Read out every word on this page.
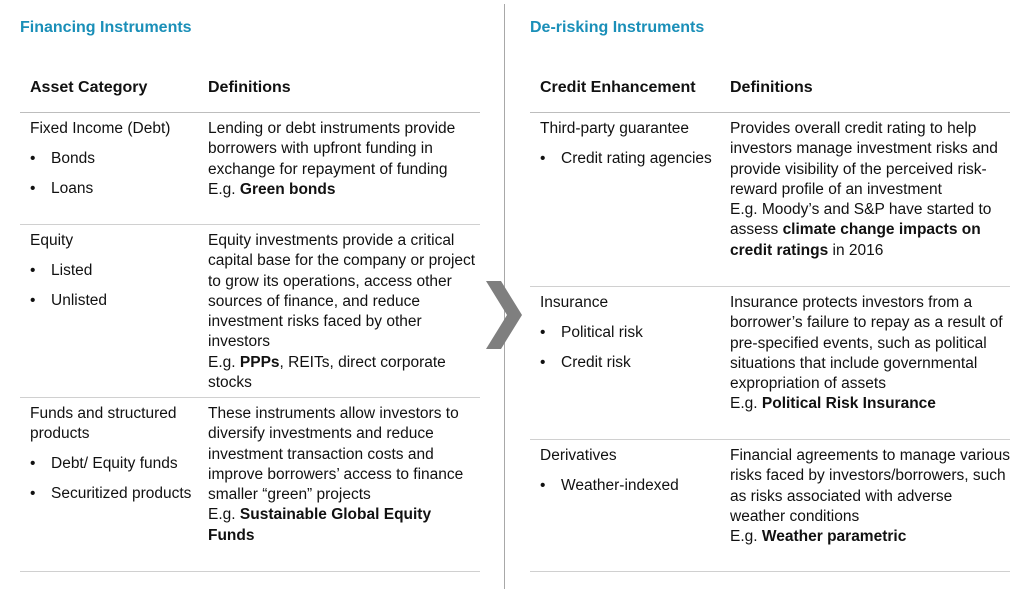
Financing Instruments
Asset Category	Definitions
Fixed Income (Debt)
• Bonds
• Loans
Lending or debt instruments provide borrowers with upfront funding in exchange for repayment of funding
E.g. Green bonds
Equity
• Listed
• Unlisted
Equity investments provide a critical capital base for the company or project to grow its operations, access other sources of finance, and reduce investment risks faced by other investors
E.g. PPPs, REITs, direct corporate stocks
Funds and structured products
• Debt/ Equity funds
• Securitized products
These instruments allow investors to diversify investments and reduce investment transaction costs and improve borrowers’ access to finance smaller “green” projects
E.g. Sustainable Global Equity Funds
De-risking Instruments
Credit Enhancement Definitions
Third-party guarantee
• Credit rating agencies
Provides overall credit rating to help investors manage investment risks and provide visibility of the perceived risk-reward profile of an investment
E.g. Moody’s and S&P have started to assess climate change impacts on credit ratings in 2016
Insurance
• Political risk
• Credit risk
Insurance protects investors from a borrower’s failure to repay as a result of pre-specified events, such as political situations that include governmental expropriation of assets
E.g. Political Risk Insurance
Derivatives
• Weather-indexed
Financial agreements to manage various risks faced by investors/borrowers, such as risks associated with adverse weather conditions
E.g. Weather parametric
